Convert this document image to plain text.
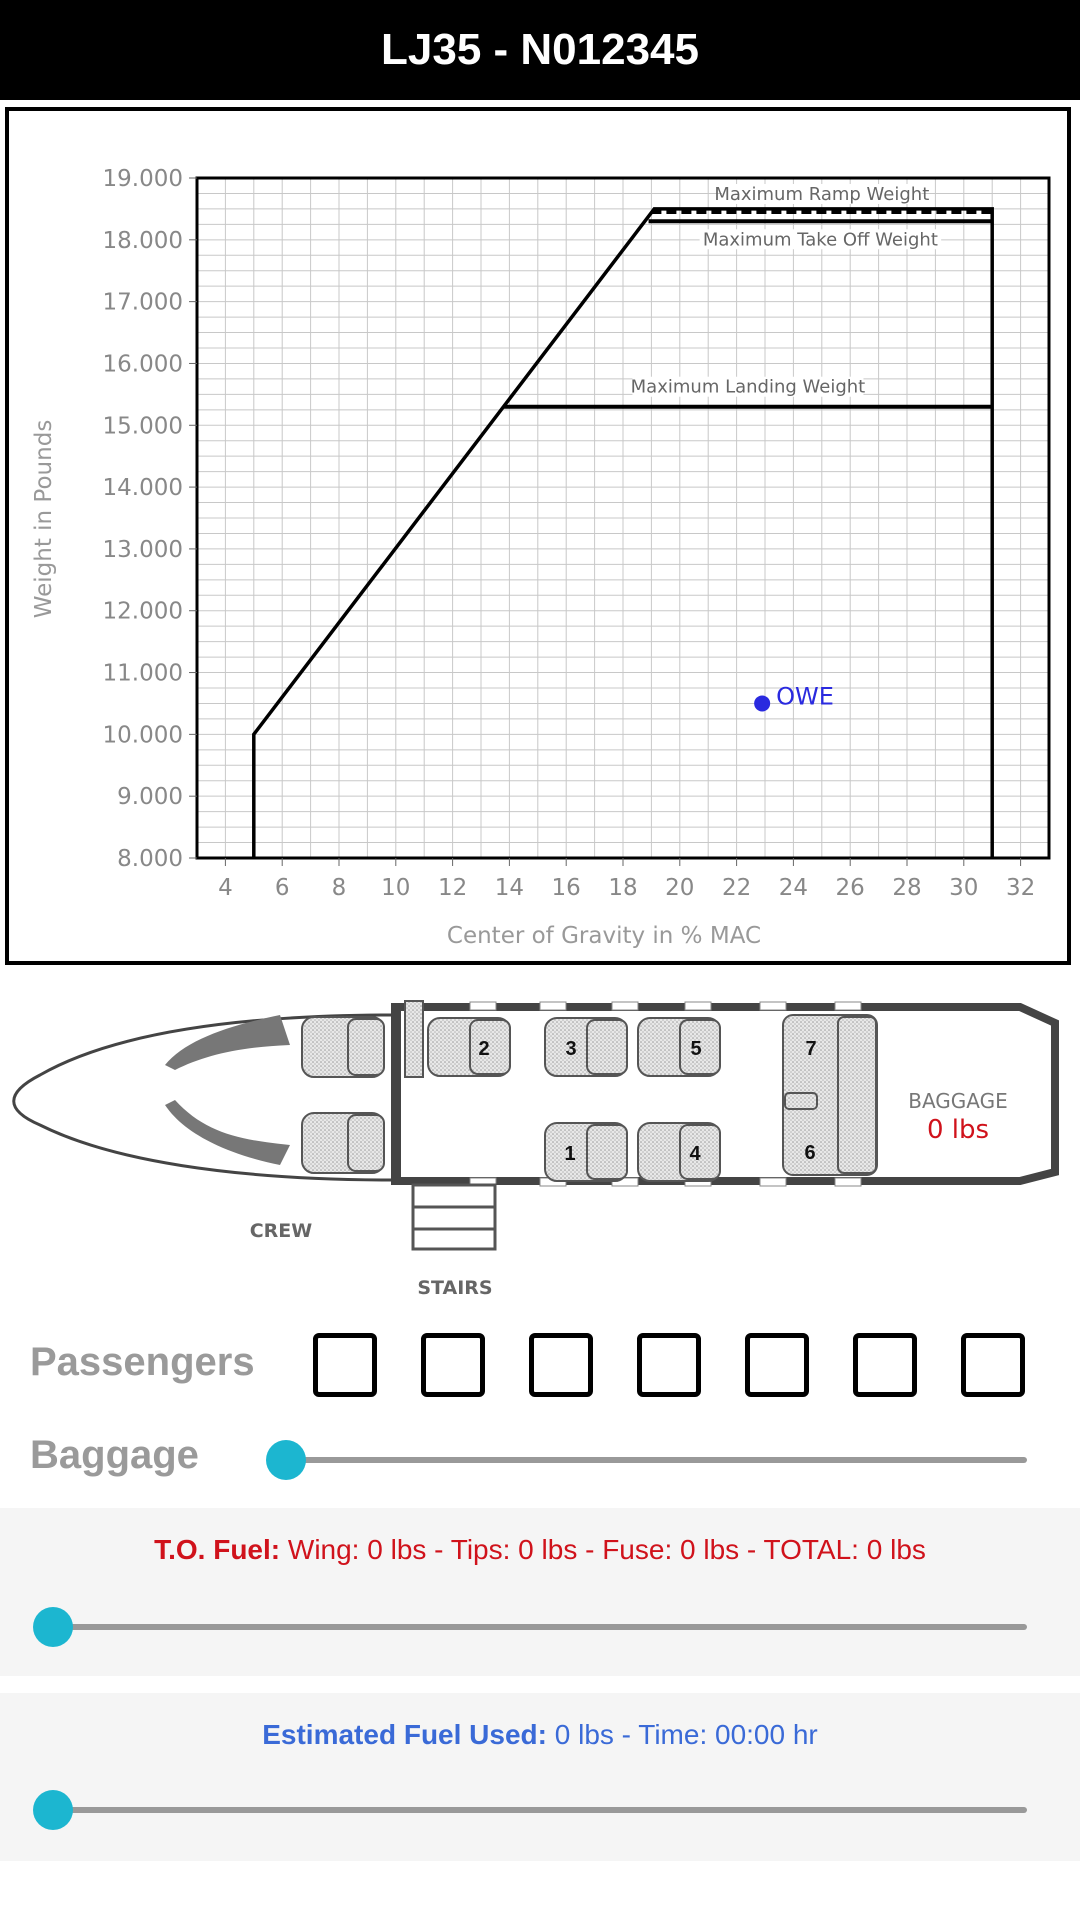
LJ35 - N012345
4 6 8 10 12 14 16 18 20 22 24 26 28 30 32
8.000
9.000
10.000
11.000
12.000
13.000
14.000
15.000
16.000
17.000
18.000
19.000
Maximum Ramp Weight
Maximum Take Off Weight
Maximum Landing Weight
OWE
Center of Gravity in % MAC
Weight in Pounds
1
2	3
4
5
6
7
CREW
STAIRS
BAGGAGE
0 lbs
Passengers
Baggage
T.O. Fuel: Wing: 0 lbs - Tips: 0 lbs - Fuse: 0 lbs - TOTAL: 0 lbs
Estimated Fuel Used: 0 lbs - Time: 00:00 hr
